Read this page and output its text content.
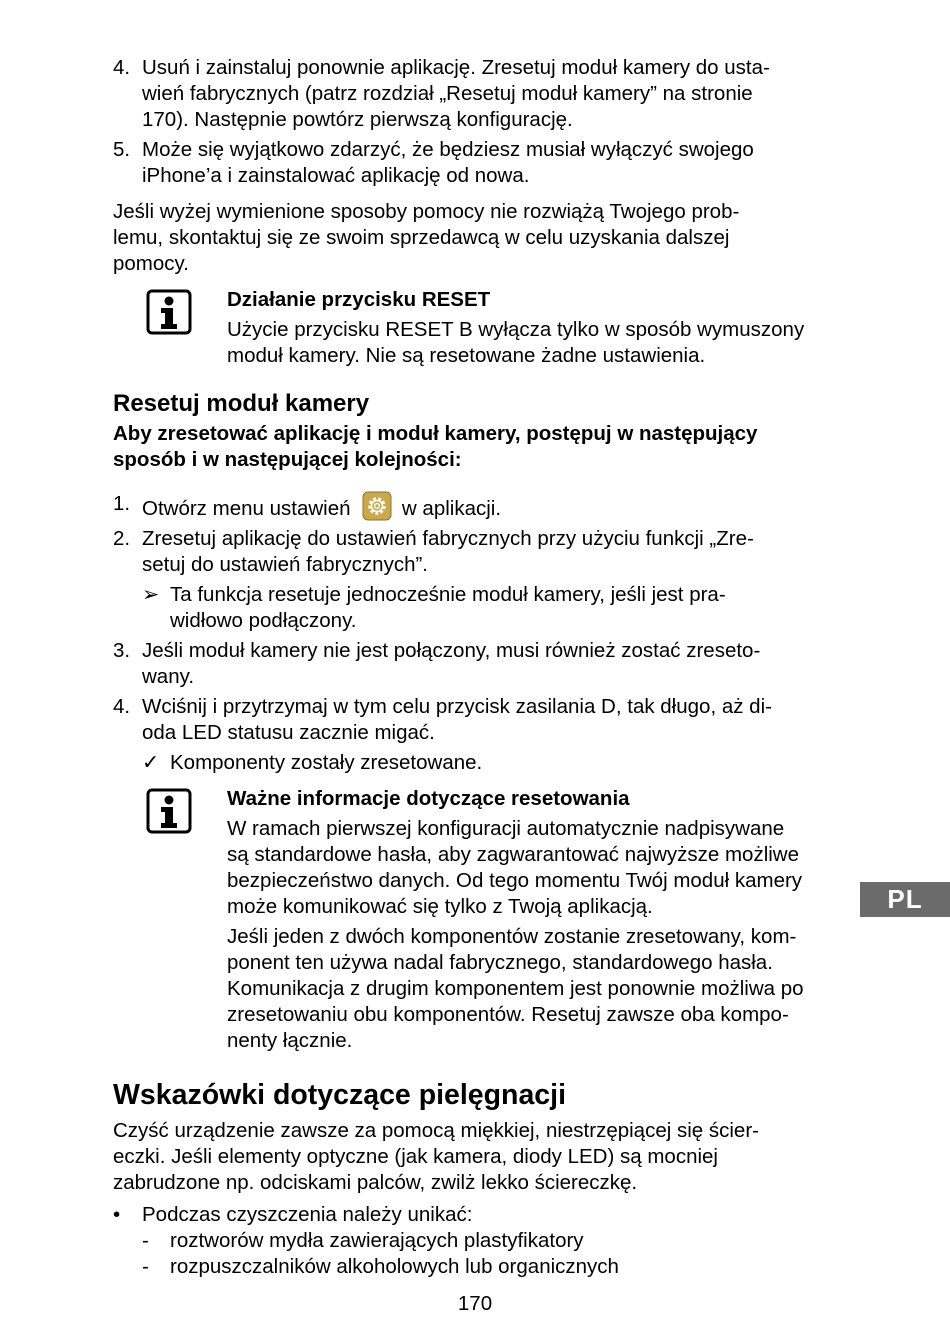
4. Usuń i zainstaluj ponownie aplikację. Zresetuj moduł kamery do usta-
wień fabrycznych (patrz rozdział „Resetuj moduł kamery” na stronie
170). Następnie powtórz pierwszą konfigurację.
5. Może się wyjątkowo zdarzyć, że będziesz musiał wyłączyć swojego
iPhone’a i zainstalować aplikację od nowa.
Jeśli wyżej wymienione sposoby pomocy nie rozwiążą Twojego prob-
lemu, skontaktuj się ze swoim sprzedawcą w celu uzyskania dalszej
pomocy.
Działanie przycisku RESET
Użycie przycisku RESET B wyłącza tylko w sposób wymuszony
moduł kamery. Nie są resetowane żadne ustawienia.
Resetuj moduł kamery
Aby zresetować aplikację i moduł kamery, postępuj w następujący
sposób i w następującej kolejności:
1. Otwórz menu ustawień	w aplikacji.
2. Zresetuj aplikację do ustawień fabrycznych przy użyciu funkcji „Zre-
setuj do ustawień fabrycznych”.
➢ Ta funkcja resetuje jednocześnie moduł kamery, jeśli jest pra-
widłowo podłączony.
3. Jeśli moduł kamery nie jest połączony, musi również zostać zreseto-
wany.
4. Wciśnij i przytrzymaj w tym celu przycisk zasilania D, tak długo, aż di-
oda LED statusu zacznie migać.
✓ Komponenty zostały zresetowane.
Ważne informacje dotyczące resetowania
W ramach pierwszej konfiguracji automatycznie nadpisywane
są standardowe hasła, aby zagwarantować najwyższe możliwe
bezpieczeństwo danych. Od tego momentu Twój moduł kamery
może komunikować się tylko z Twoją aplikacją.
Jeśli jeden z dwóch komponentów zostanie zresetowany, kom-
ponent ten używa nadal fabrycznego, standardowego hasła.
Komunikacja z drugim komponentem jest ponownie możliwa po
zresetowaniu obu komponentów. Resetuj zawsze oba kompo-
nenty łącznie.
PL
Wskazówki dotyczące pielęgnacji
Czyść urządzenie zawsze za pomocą miękkiej, niestrzępiącej się ścier-
eczki. Jeśli elementy optyczne (jak kamera, diody LED) są mocniej
zabrudzone np. odciskami palców, zwilż lekko ściereczkę.
• Podczas czyszczenia należy unikać:
- roztworów mydła zawierających plastyfikatory
- rozpuszczalników alkoholowych lub organicznych
170
